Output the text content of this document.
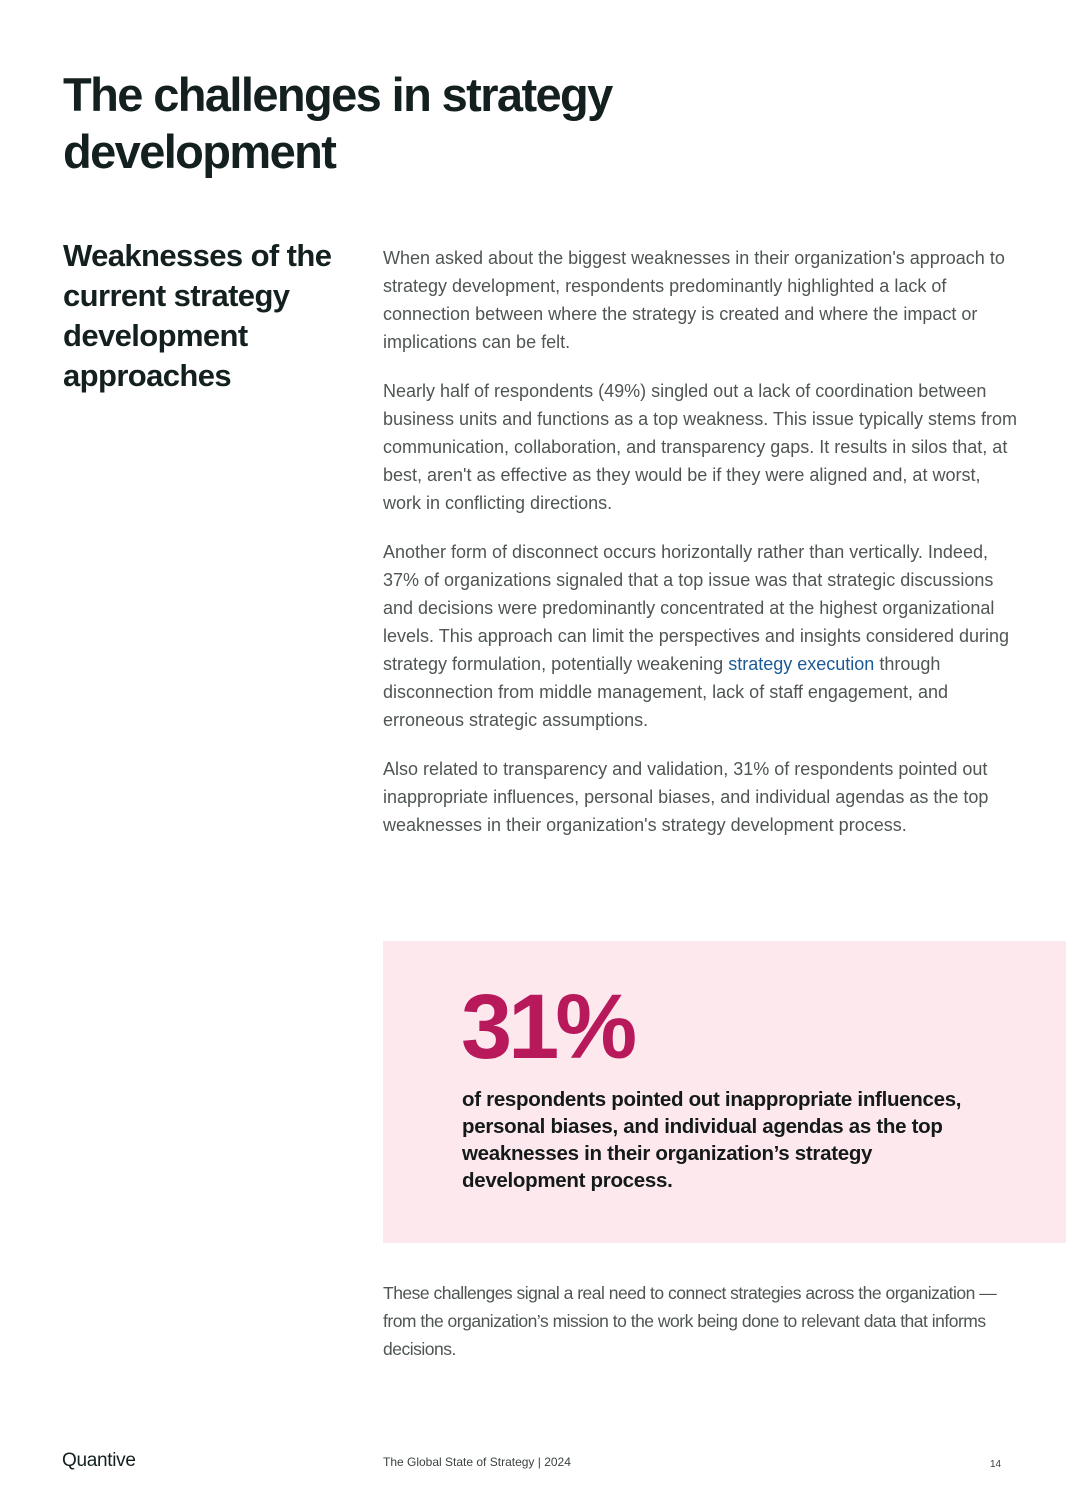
The challenges in strategy development
Weaknesses of the current strategy development approaches

When asked about the biggest weaknesses in their organization's approach to strategy development, respondents predominantly highlighted a lack of connection between where the strategy is created and where the impact or implications can be felt.

Nearly half of respondents (49%) singled out a lack of coordination between business units and functions as a top weakness. This issue typically stems from communication, collaboration, and transparency gaps. It results in silos that, at best, aren't as effective as they would be if they were aligned and, at worst, work in conflicting directions.

Another form of disconnect occurs horizontally rather than vertically. Indeed, 37% of organizations signaled that a top issue was that strategic discussions and decisions were predominantly concentrated at the highest organizational levels. This approach can limit the perspectives and insights considered during strategy formulation, potentially weakening strategy execution through disconnection from middle management, lack of staff engagement, and erroneous strategic assumptions.

Also related to transparency and validation, 31% of respondents pointed out inappropriate influences, personal biases, and individual agendas as the top weaknesses in their organization's strategy development process.

31%

of respondents pointed out inappropriate influences, personal biases, and individual agendas as the top weaknesses in their organization’s strategy development process.

These challenges signal a real need to connect strategies across the organization — from the organization’s mission to the work being done to relevant data that informs decisions.

Quantive	The Global State of Strategy | 2024	14
